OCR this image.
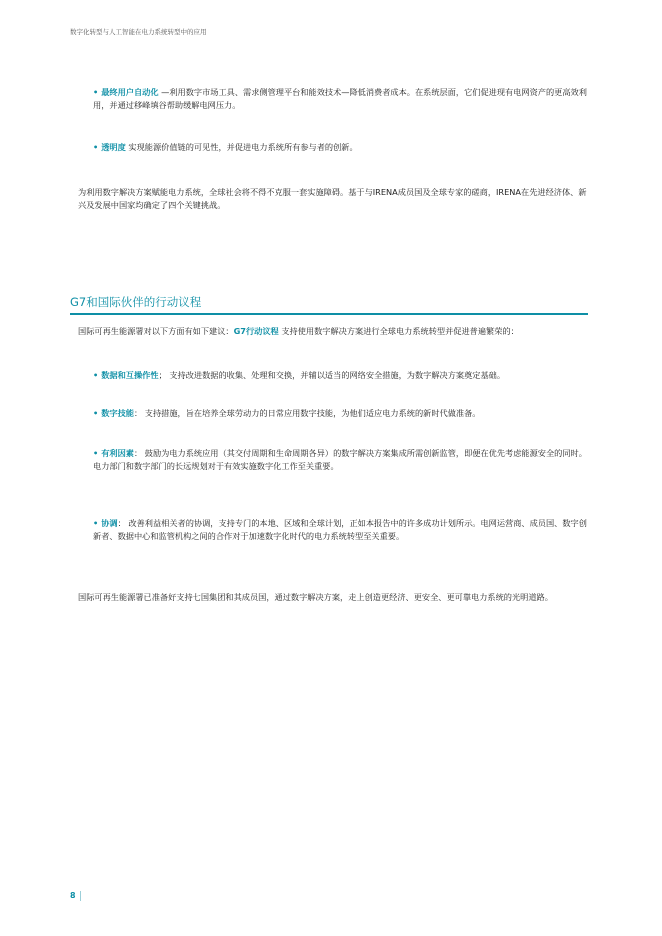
数字化转型与人工智能在电力系统转型中的应用
• 最终用户自动化 —利用数字市场工具、需求侧管理平台和能效技术—降低消费者成本。在系统层面，它们促进现有电网资产的更高效利用，并通过移峰填谷帮助缓解电网压力。
• 透明度 实现能源价值链的可见性，并促进电力系统所有参与者的创新。
为利用数字解决方案赋能电力系统，全球社会将不得不克服一套实施障碍。基于与IRENA成员国及全球专家的磋商，IRENA在先进经济体、新兴及发展中国家均确定了四个关键挑战。
G7和国际伙伴的行动议程
国际可再生能源署对以下方面有如下建议：G7行动议程 支持使用数字解决方案进行全球电力系统转型并促进普遍繁荣的：
• 数据和互操作性； 支持改进数据的收集、处理和交换，并辅以适当的网络安全措施，为数字解决方案奠定基础。
• 数字技能： 支持措施，旨在培养全球劳动力的日常应用数字技能，为他们适应电力系统的新时代做准备。
• 有利因素： 鼓励为电力系统应用（其交付周期和生命周期各异）的数字解决方案集成所需创新监管，即便在优先考虑能源安全的同时。电力部门和数字部门的长远规划对于有效实施数字化工作至关重要。
• 协调： 改善利益相关者的协调，支持专门的本地、区域和全球计划，正如本报告中的许多成功计划所示。电网运营商、成员国、数字创新者、数据中心和监管机构之间的合作对于加速数字化时代的电力系统转型至关重要。
国际可再生能源署已准备好支持七国集团和其成员国，通过数字解决方案，走上创造更经济、更安全、更可靠电力系统的光明道路。
8
